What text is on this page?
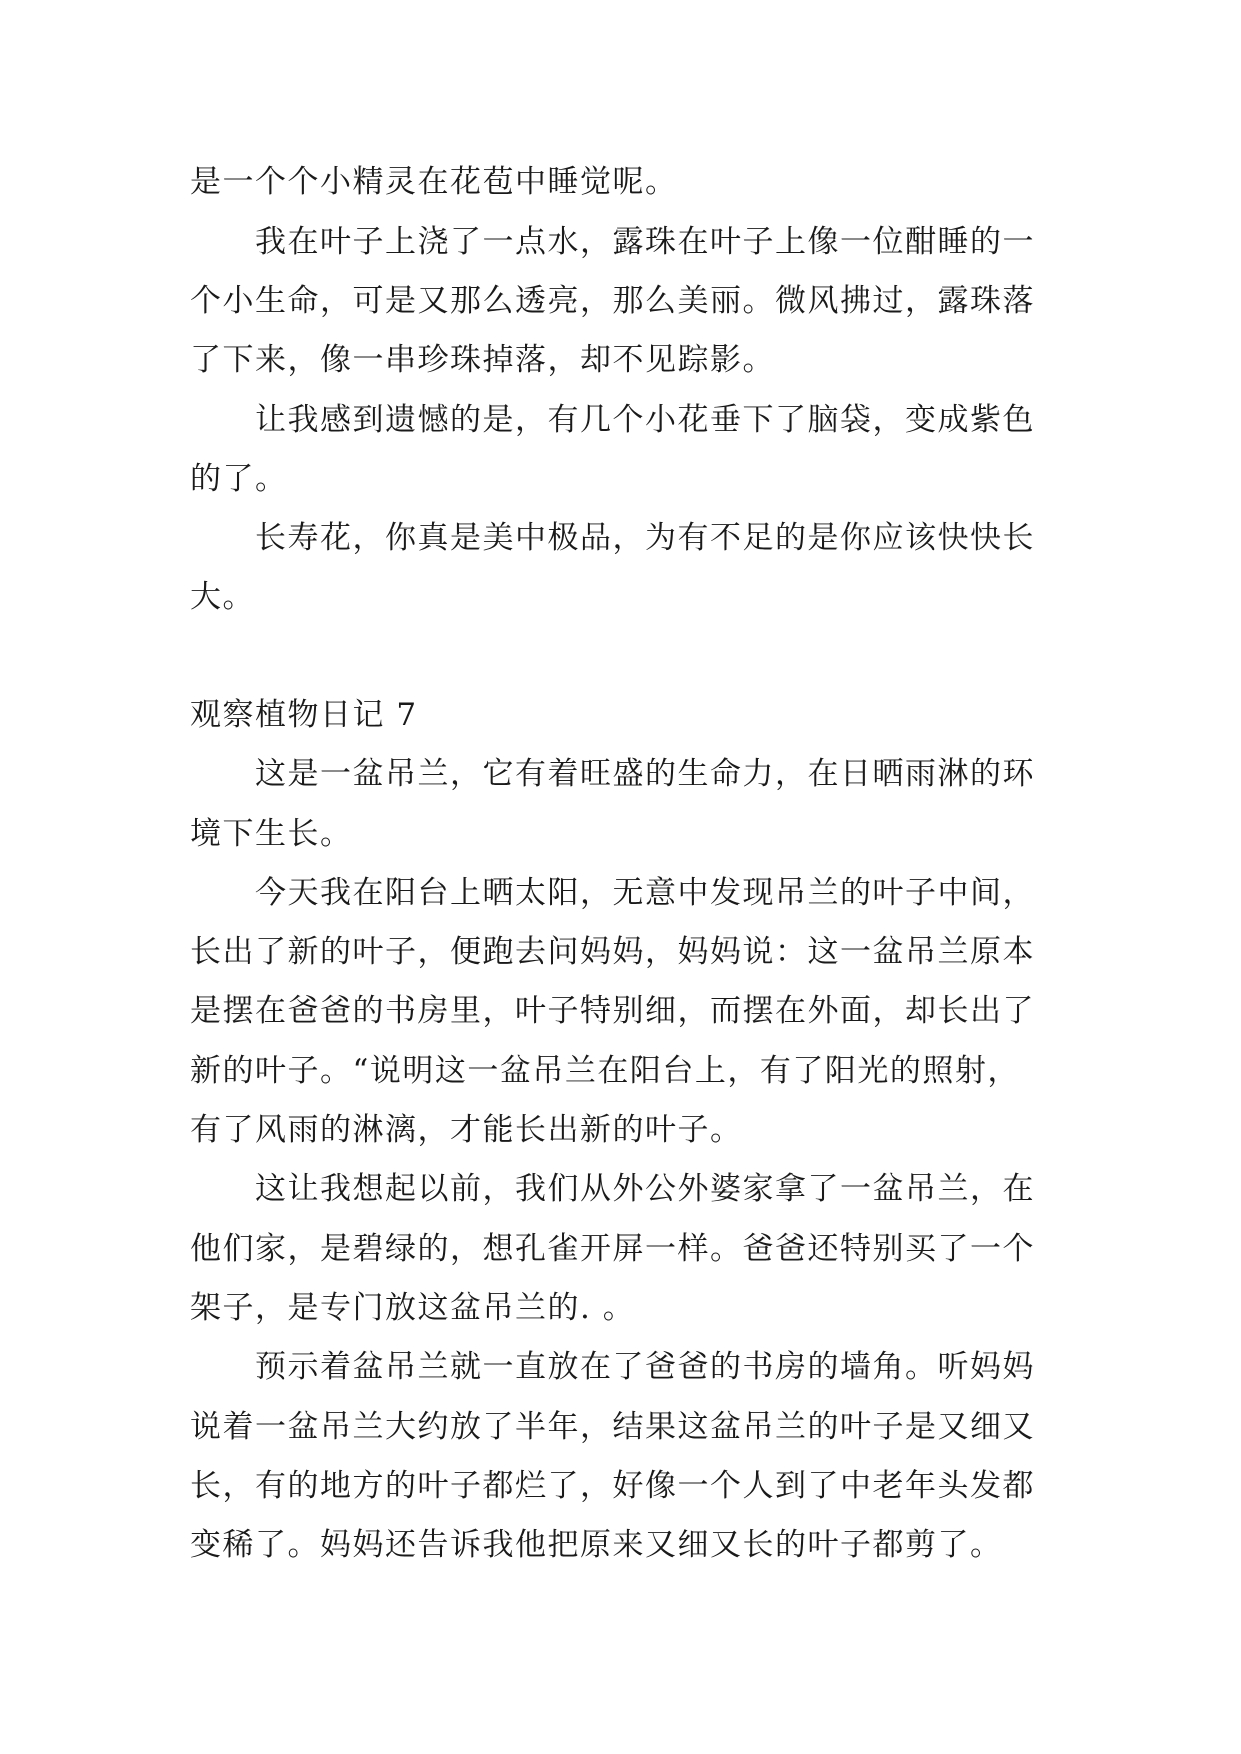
是一个个小精灵在花苞中睡觉呢。
我在叶子上浇了一点水，露珠在叶子上像一位酣睡的一
个小生命，可是又那么透亮，那么美丽。微风拂过，露珠落
了下来，像一串珍珠掉落，却不见踪影。
让我感到遗憾的是，有几个小花垂下了脑袋，变成紫色
的了。
长寿花，你真是美中极品，为有不足的是你应该快快长
大。
观察植物日记 7
这是一盆吊兰，它有着旺盛的生命力，在日晒雨淋的环
境下生长。
今天我在阳台上晒太阳，无意中发现吊兰的叶子中间，
长出了新的叶子，便跑去问妈妈，妈妈说：这一盆吊兰原本
是摆在爸爸的书房里，叶子特别细，而摆在外面，却长出了
新的叶子。“说明这一盆吊兰在阳台上，有了阳光的照射，
有了风雨的淋漓，才能长出新的叶子。
这让我想起以前，我们从外公外婆家拿了一盆吊兰，在
他们家，是碧绿的，想孔雀开屏一样。爸爸还特别买了一个
架子，是专门放这盆吊兰的. 。
预示着盆吊兰就一直放在了爸爸的书房的墙角。听妈妈
说着一盆吊兰大约放了半年，结果这盆吊兰的叶子是又细又
长，有的地方的叶子都烂了，好像一个人到了中老年头发都
变稀了。妈妈还告诉我他把原来又细又长的叶子都剪了。
